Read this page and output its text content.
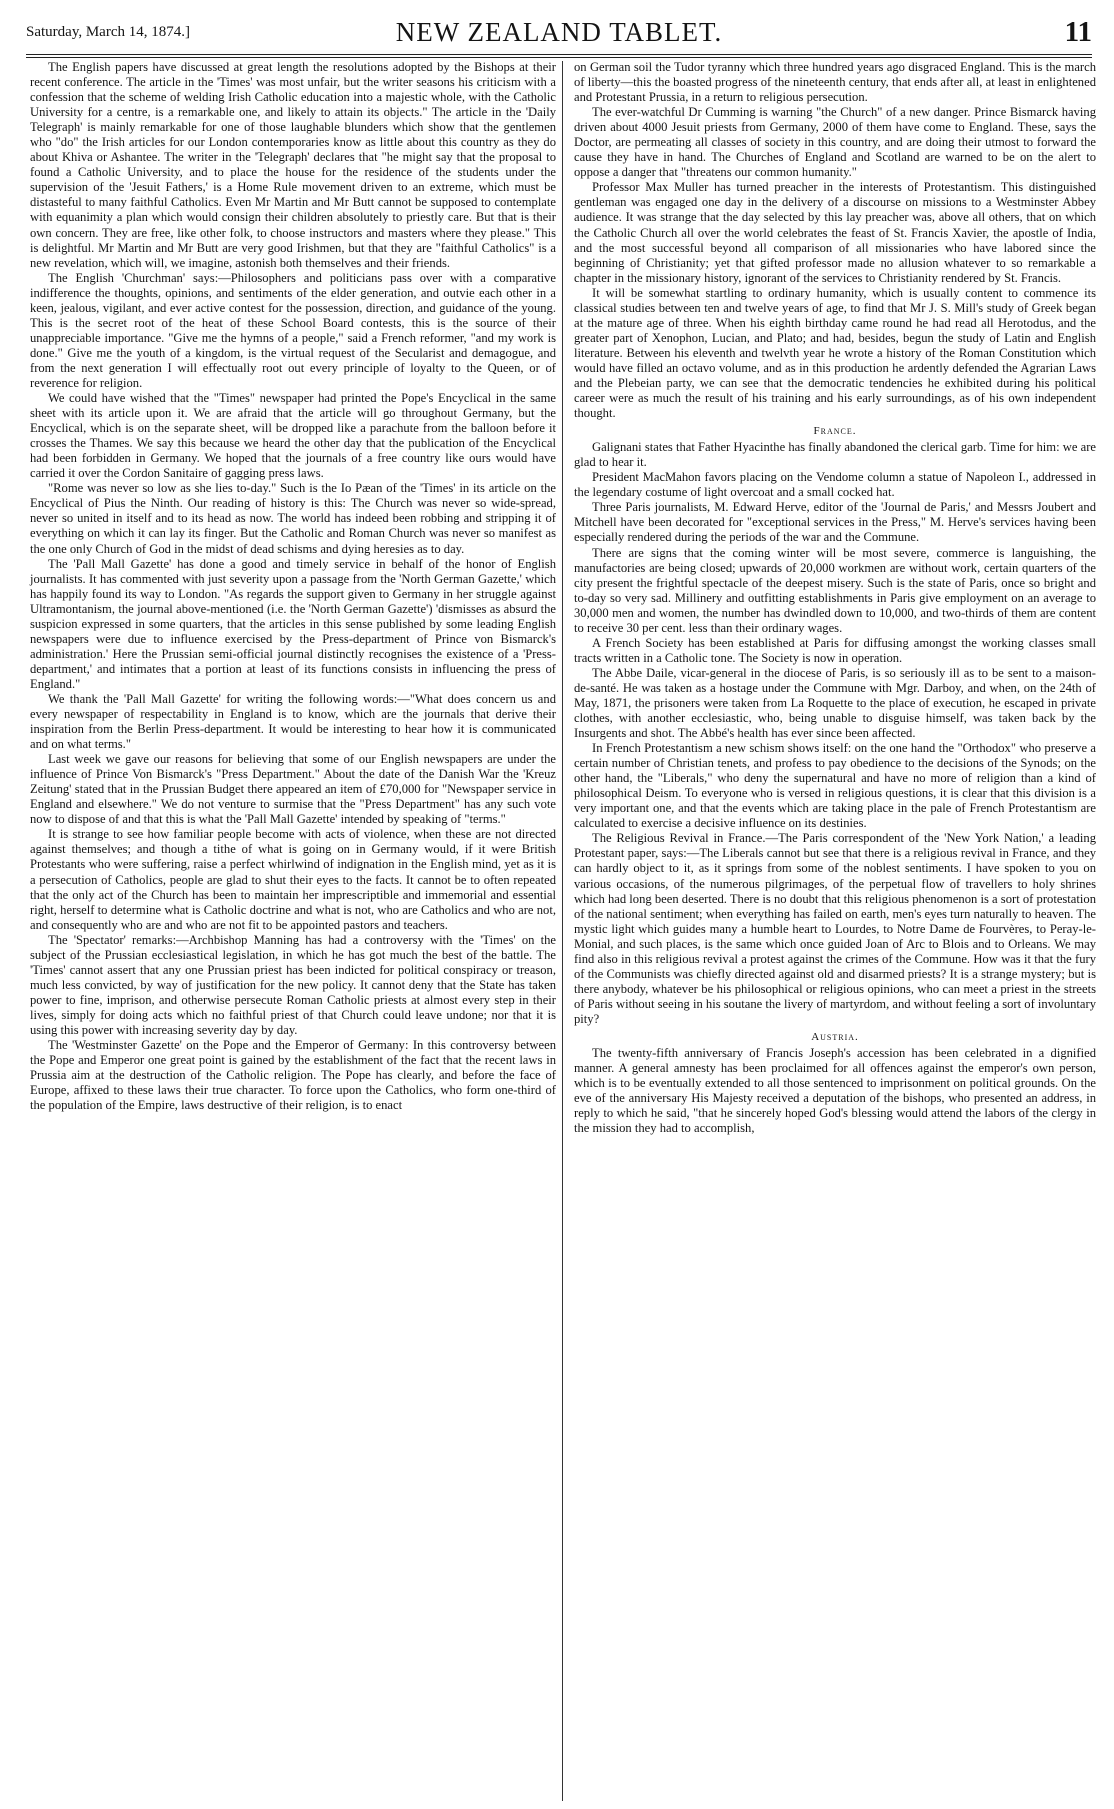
Saturday, March 14, 1874.]	NEW ZEALAND TABLET.	11

The English papers have discussed at great length the resolutions adopted by the Bishops at their recent conference. The article in the 'Times' was most unfair, but the writer seasons his criticism with a confession that the scheme of welding Irish Catholic education into a majestic whole, with the Catholic University for a centre, is a remarkable one, and likely to attain its objects." The article in the 'Daily Telegraph' is mainly remarkable for one of those laughable blunders which show that the gentlemen who "do" the Irish articles for our London contemporaries know as little about this country as they do about Khiva or Ashantee. The writer in the 'Telegraph' declares that "he might say that the proposal to found a Catholic University, and to place the house for the residence of the students under the supervision of the 'Jesuit Fathers,' is a Home Rule movement driven to an extreme, which must be distasteful to many faithful Catholics. Even Mr Martin and Mr Butt cannot be supposed to contemplate with equanimity a plan which would consign their children absolutely to priestly care. But that is their own concern. They are free, like other folk, to choose instructors and masters where they please." This is delightful. Mr Martin and Mr Butt are very good Irishmen, but that they are "faithful Catholics" is a new revelation, which will, we imagine, astonish both themselves and their friends.

The English 'Churchman' says:—Philosophers and politicians pass over with a comparative indifference the thoughts, opinions, and sentiments of the elder generation, and outvie each other in a keen, jealous, vigilant, and ever active contest for the possession, direction, and guidance of the young. This is the secret root of the heat of these School Board contests, this is the source of their unappreciable importance. "Give me the hymns of a people," said a French reformer, "and my work is done." Give me the youth of a kingdom, is the virtual request of the Secularist and demagogue, and from the next generation I will effectually root out every principle of loyalty to the Queen, or of reverence for religion.

We could have wished that the "Times" newspaper had printed the Pope's Encyclical in the same sheet with its article upon it. We are afraid that the article will go throughout Germany, but the Encyclical, which is on the separate sheet, will be dropped like a parachute from the balloon before it crosses the Thames. We say this because we heard the other day that the publication of the Encyclical had been forbidden in Germany. We hoped that the journals of a free country like ours would have carried it over the Cordon Sanitaire of gagging press laws.

"Rome was never so low as she lies to-day." Such is the Io Pæan of the 'Times' in its article on the Encyclical of Pius the Ninth. Our reading of history is this: The Church was never so wide-spread, never so united in itself and to its head as now. The world has indeed been robbing and stripping it of everything on which it can lay its finger. But the Catholic and Roman Church was never so manifest as the one only Church of God in the midst of dead schisms and dying heresies as to day.

The 'Pall Mall Gazette' has done a good and timely service in behalf of the honor of English journalists. It has commented with just severity upon a passage from the 'North German Gazette,' which has happily found its way to London. "As regards the support given to Germany in her struggle against Ultramontanism, the journal above-mentioned (i.e. the 'North German Gazette') 'dismisses as absurd the suspicion expressed in some quarters, that the articles in this sense published by some leading English newspapers were due to influence exercised by the Press-department of Prince von Bismarck's administration.' Here the Prussian semi-official journal distinctly recognises the existence of a 'Press-department,' and intimates that a portion at least of its functions consists in influencing the press of England."

We thank the 'Pall Mall Gazette' for writing the following words:—"What does concern us and every newspaper of respectability in England is to know, which are the journals that derive their inspiration from the Berlin Press-department. It would be interesting to hear how it is communicated and on what terms."

Last week we gave our reasons for believing that some of our English newspapers are under the influence of Prince Von Bismarck's "Press Department." About the date of the Danish War the 'Kreuz Zeitung' stated that in the Prussian Budget there appeared an item of £70,000 for "Newspaper service in England and elsewhere." We do not venture to surmise that the "Press Department" has any such vote now to dispose of and that this is what the 'Pall Mall Gazette' intended by speaking of "terms."

It is strange to see how familiar people become with acts of violence, when these are not directed against themselves; and though a tithe of what is going on in Germany would, if it were British Protestants who were suffering, raise a perfect whirlwind of indignation in the English mind, yet as it is a persecution of Catholics, people are glad to shut their eyes to the facts. It cannot be to often repeated that the only act of the Church has been to maintain her imprescriptible and immemorial and essential right, herself to determine what is Catholic doctrine and what is not, who are Catholics and who are not, and consequently who are and who are not fit to be appointed pastors and teachers.

The 'Spectator' remarks:—Archbishop Manning has had a controversy with the 'Times' on the subject of the Prussian ecclesiastical legislation, in which he has got much the best of the battle. The 'Times' cannot assert that any one Prussian priest has been indicted for political conspiracy or treason, much less convicted, by way of justification for the new policy. It cannot deny that the State has taken power to fine, imprison, and otherwise persecute Roman Catholic priests at almost every step in their lives, simply for doing acts which no faithful priest of that Church could leave undone; nor that it is using this power with increasing severity day by day.

The 'Westminster Gazette' on the Pope and the Emperor of Germany: In this controversy between the Pope and Emperor one great point is gained by the establishment of the fact that the recent laws in Prussia aim at the destruction of the Catholic religion. The Pope has clearly, and before the face of Europe, affixed to these laws their true character. To force upon the Catholics, who form one-third of the population of the Empire, laws destructive of their religion, is to enact

on German soil the Tudor tyranny which three hundred years ago disgraced England. This is the march of liberty—this the boasted progress of the nineteenth century, that ends after all, at least in enlightened and Protestant Prussia, in a return to religious persecution.

The ever-watchful Dr Cumming is warning "the Church" of a new danger. Prince Bismarck having driven about 4000 Jesuit priests from Germany, 2000 of them have come to England. These, says the Doctor, are permeating all classes of society in this country, and are doing their utmost to forward the cause they have in hand. The Churches of England and Scotland are warned to be on the alert to oppose a danger that "threatens our common humanity."

Professor Max Muller has turned preacher in the interests of Protestantism. This distinguished gentleman was engaged one day in the delivery of a discourse on missions to a Westminster Abbey audience. It was strange that the day selected by this lay preacher was, above all others, that on which the Catholic Church all over the world celebrates the feast of St. Francis Xavier, the apostle of India, and the most successful beyond all comparison of all missionaries who have labored since the beginning of Christianity; yet that gifted professor made no allusion whatever to so remarkable a chapter in the missionary history, ignorant of the services to Christianity rendered by St. Francis.

It will be somewhat startling to ordinary humanity, which is usually content to commence its classical studies between ten and twelve years of age, to find that Mr J. S. Mill's study of Greek began at the mature age of three. When his eighth birthday came round he had read all Herotodus, and the greater part of Xenophon, Lucian, and Plato; and had, besides, begun the study of Latin and English literature. Between his eleventh and twelvth year he wrote a history of the Roman Constitution which would have filled an octavo volume, and as in this production he ardently defended the Agrarian Laws and the Plebeian party, we can see that the democratic tendencies he exhibited during his political career were as much the result of his training and his early surroundings, as of his own independent thought.

France.

Galignani states that Father Hyacinthe has finally abandoned the clerical garb. Time for him: we are glad to hear it.

President MacMahon favors placing on the Vendome column a statue of Napoleon I., addressed in the legendary costume of light overcoat and a small cocked hat.

Three Paris journalists, M. Edward Herve, editor of the 'Journal de Paris,' and Messrs Joubert and Mitchell have been decorated for "exceptional services in the Press," M. Herve's services having been especially rendered during the periods of the war and the Commune.

There are signs that the coming winter will be most severe, commerce is languishing, the manufactories are being closed; upwards of 20,000 workmen are without work, certain quarters of the city present the frightful spectacle of the deepest misery. Such is the state of Paris, once so bright and to-day so very sad. Millinery and outfitting establishments in Paris give employment on an average to 30,000 men and women, the number has dwindled down to 10,000, and two-thirds of them are content to receive 30 per cent. less than their ordinary wages.

A French Society has been established at Paris for diffusing amongst the working classes small tracts written in a Catholic tone. The Society is now in operation.

The Abbe Daile, vicar-general in the diocese of Paris, is so seriously ill as to be sent to a maison-de-santé. He was taken as a hostage under the Commune with Mgr. Darboy, and when, on the 24th of May, 1871, the prisoners were taken from La Roquette to the place of execution, he escaped in private clothes, with another ecclesiastic, who, being unable to disguise himself, was taken back by the Insurgents and shot. The Abbé's health has ever since been affected.

In French Protestantism a new schism shows itself: on the one hand the "Orthodox" who preserve a certain number of Christian tenets, and profess to pay obedience to the decisions of the Synods; on the other hand, the "Liberals," who deny the supernatural and have no more of religion than a kind of philosophical Deism. To everyone who is versed in religious questions, it is clear that this division is a very important one, and that the events which are taking place in the pale of French Protestantism are calculated to exercise a decisive influence on its destinies.

The Religious Revival in France.—The Paris correspondent of the 'New York Nation,' a leading Protestant paper, says:—The Liberals cannot but see that there is a religious revival in France, and they can hardly object to it, as it springs from some of the noblest sentiments. I have spoken to you on various occasions, of the numerous pilgrimages, of the perpetual flow of travellers to holy shrines which had long been deserted. There is no doubt that this religious phenomenon is a sort of protestation of the national sentiment; when everything has failed on earth, men's eyes turn naturally to heaven. The mystic light which guides many a humble heart to Lourdes, to Notre Dame de Fourvères, to Peray-le-Monial, and such places, is the same which once guided Joan of Arc to Blois and to Orleans. We may find also in this religious revival a protest against the crimes of the Commune. How was it that the fury of the Communists was chiefly directed against old and disarmed priests? It is a strange mystery; but is there anybody, whatever be his philosophical or religious opinions, who can meet a priest in the streets of Paris without seeing in his soutane the livery of martyrdom, and without feeling a sort of involuntary pity?

Austria.

The twenty-fifth anniversary of Francis Joseph's accession has been celebrated in a dignified manner. A general amnesty has been proclaimed for all offences against the emperor's own person, which is to be eventually extended to all those sentenced to imprisonment on political grounds. On the eve of the anniversary His Majesty received a deputation of the bishops, who presented an address, in reply to which he said, "that he sincerely hoped God's blessing would attend the labors of the clergy in the mission they had to accomplish,
